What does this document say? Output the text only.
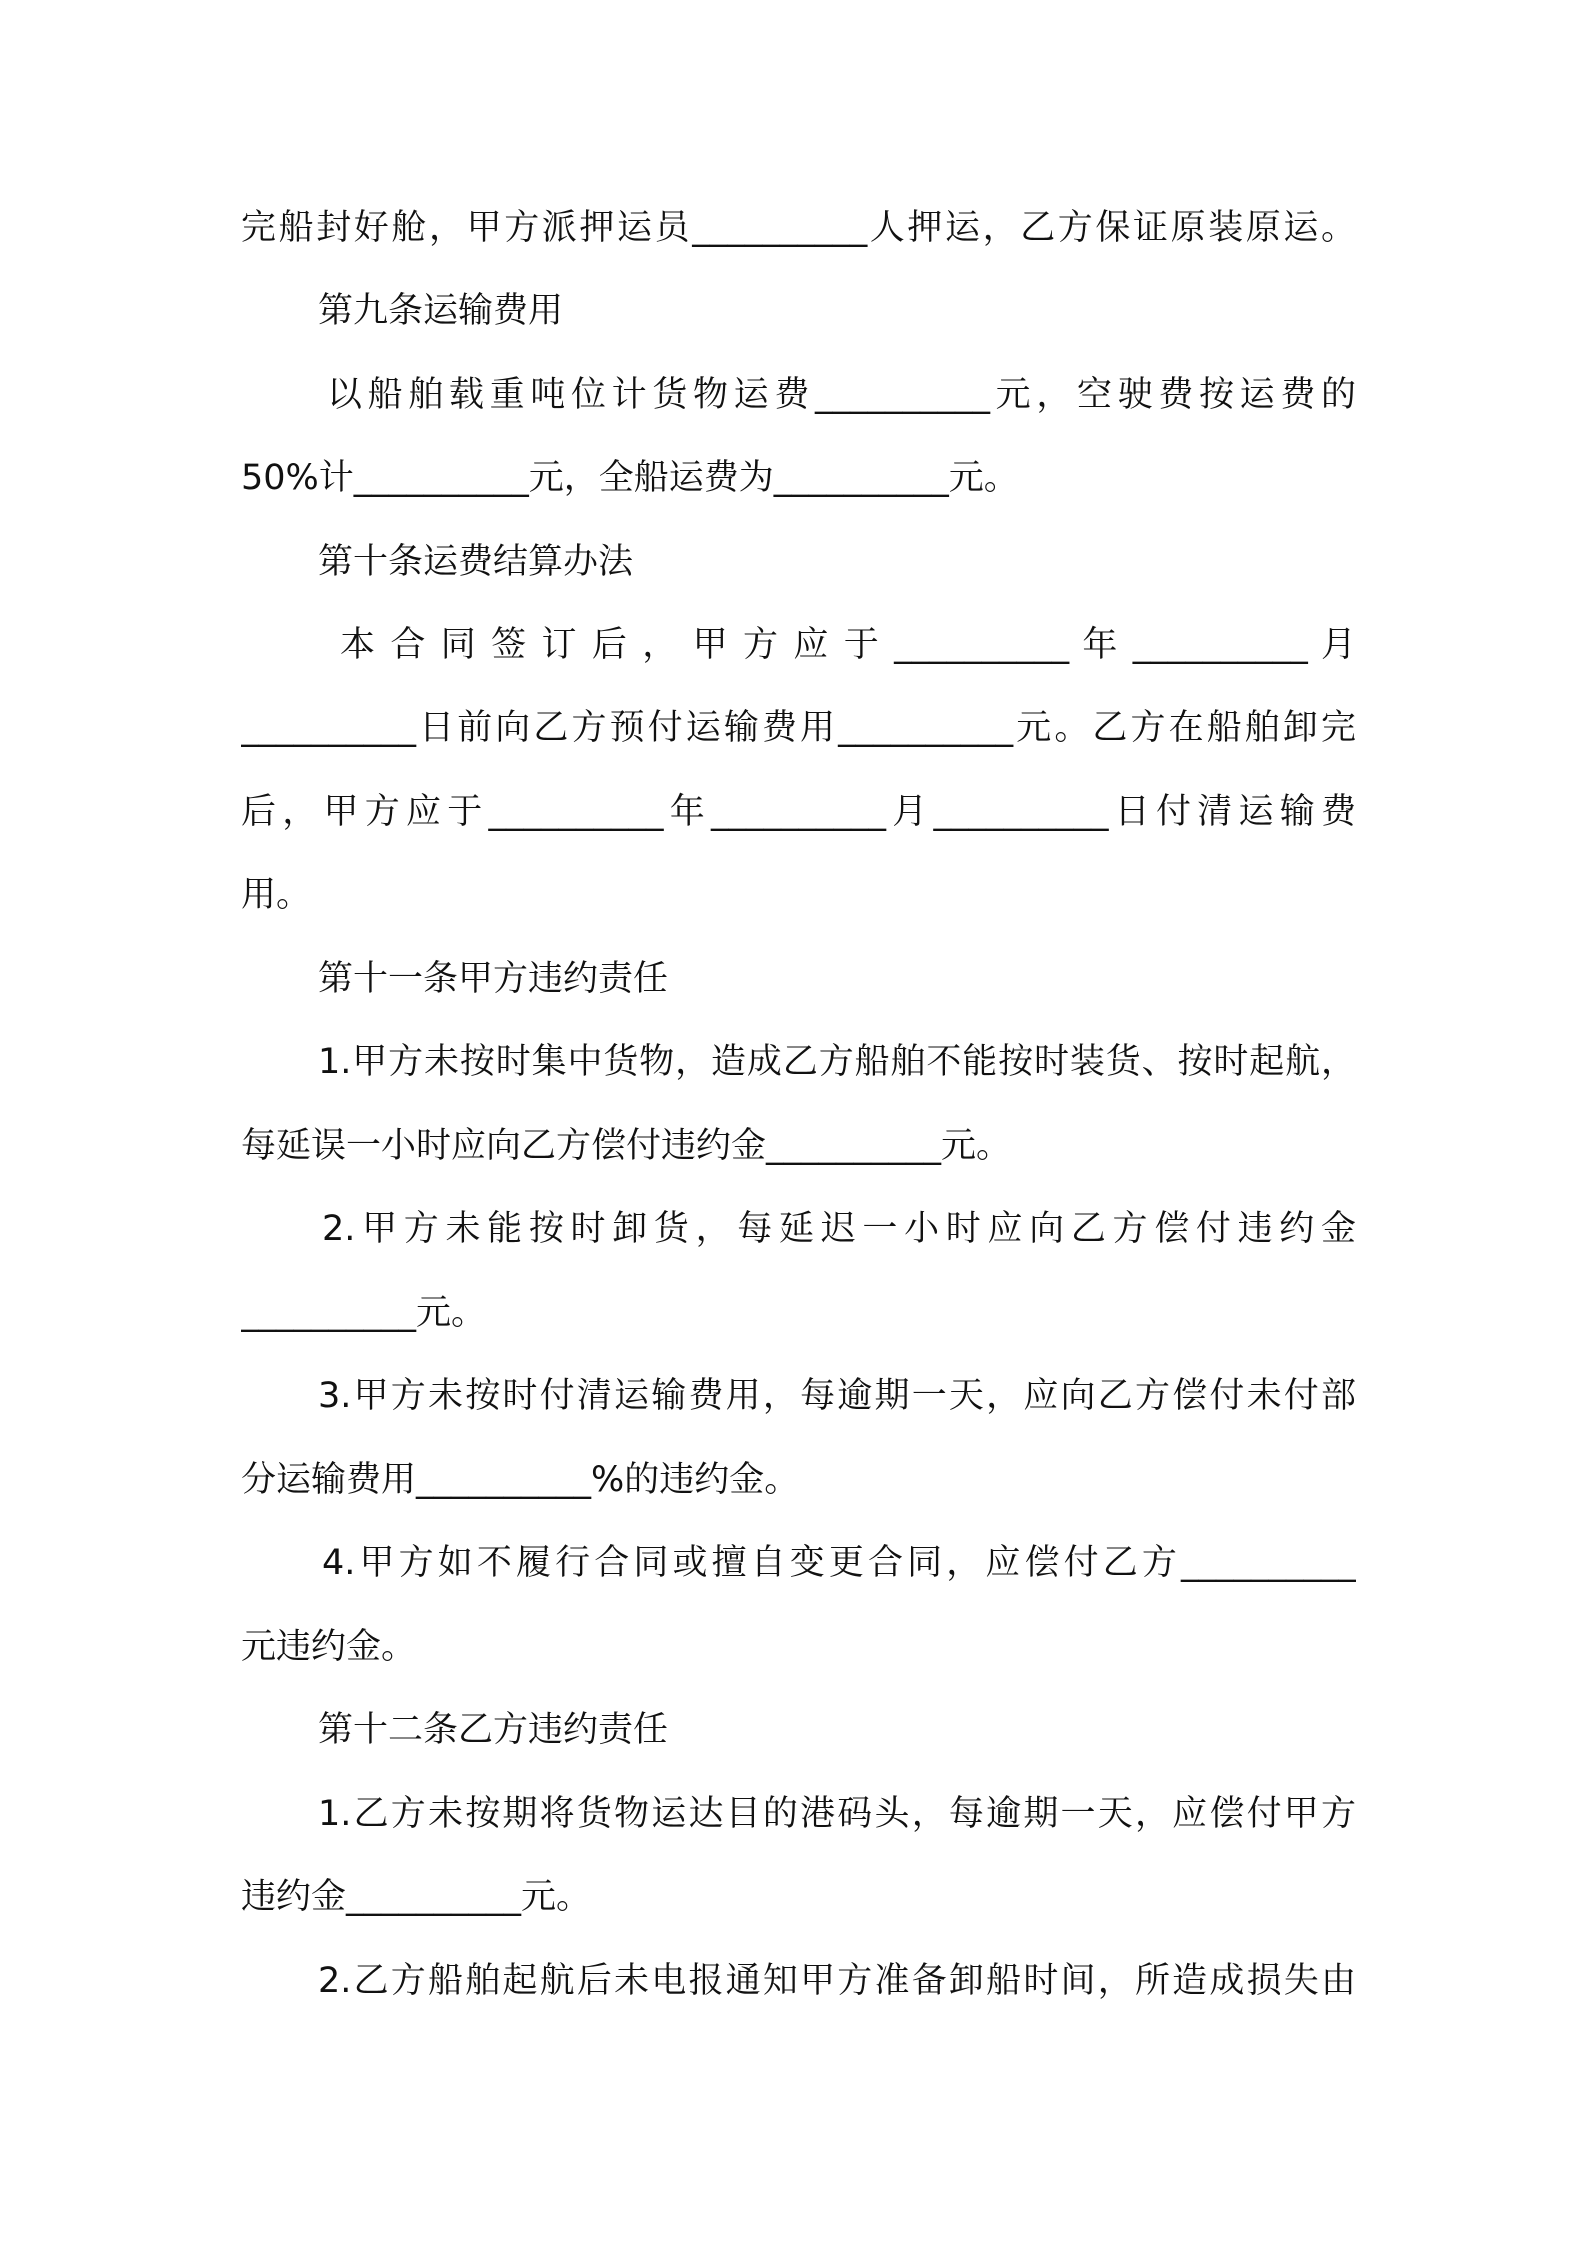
完船封好舱，甲方派押运员__________人押运，乙方保证原装原运。
第九条运输费用
以船舶载重吨位计货物运费__________元，空驶费按运费的
50%计__________元，全船运费为__________元。
第十条运费结算办法
本 合 同 签 订 后 ， 甲 方 应 于 __________ 年 __________ 月
__________日前向乙方预付运输费用__________元。乙方在船舶卸完
后，甲方应于__________年__________月__________日付清运输费
用。
第十一条甲方违约责任
1.甲方未按时集中货物，造成乙方船舶不能按时装货、按时起航，
每延误一小时应向乙方偿付违约金__________元。
2.甲方未能按时卸货，每延迟一小时应向乙方偿付违约金
__________元。
3.甲方未按时付清运输费用，每逾期一天，应向乙方偿付未付部
分运输费用__________%的违约金。
4.甲方如不履行合同或擅自变更合同，应偿付乙方__________
元违约金。
第十二条乙方违约责任
1.乙方未按期将货物运达目的港码头，每逾期一天，应偿付甲方
违约金__________元。
2.乙方船舶起航后未电报通知甲方准备卸船时间，所造成损失由
